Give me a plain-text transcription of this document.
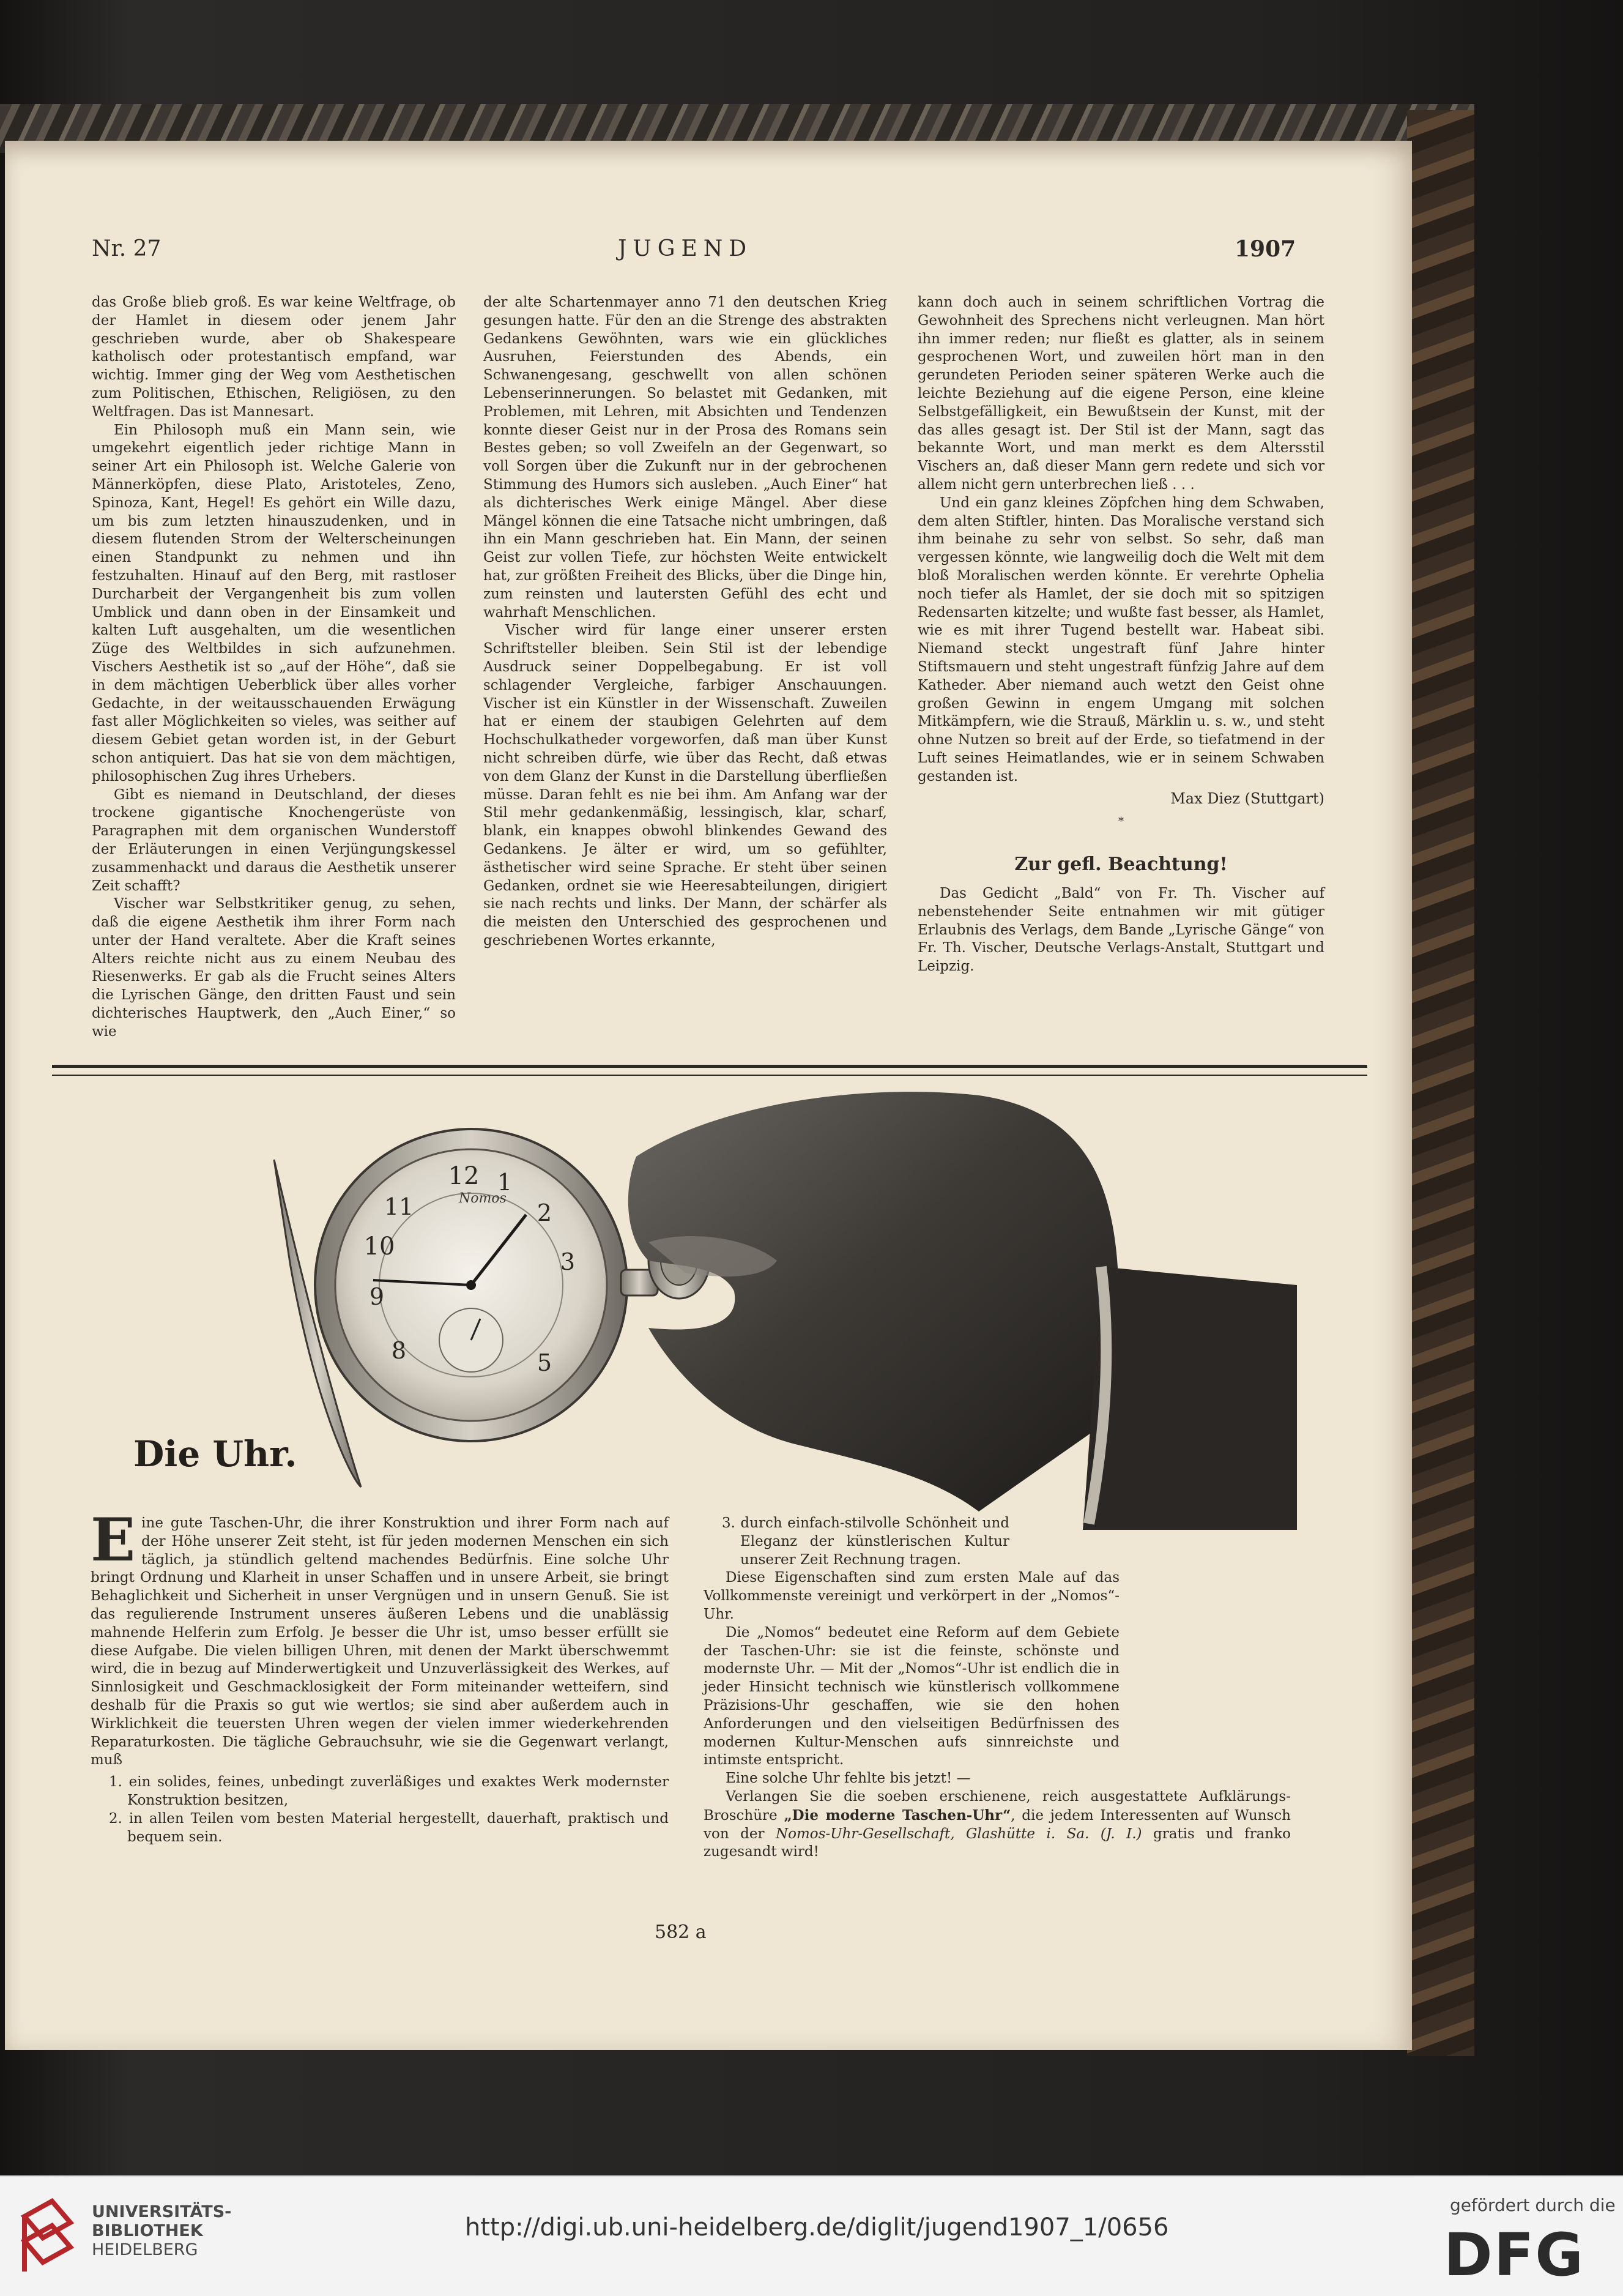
Nr. 27	JUGEND	1907

das Große blieb groß. Es war keine Weltfrage, ob der Hamlet in diesem oder jenem Jahr geschrieben wurde, aber ob Shakespeare katholisch oder protestantisch empfand, war wichtig. Immer ging der Weg vom Aesthetischen zum Politischen, Ethischen, Religiösen, zu den Weltfragen. Das ist Mannesart.

Ein Philosoph muß ein Mann sein, wie umgekehrt eigentlich jeder richtige Mann in seiner Art ein Philosoph ist. Welche Galerie von Männerköpfen, diese Plato, Aristoteles, Zeno, Spinoza, Kant, Hegel! Es gehört ein Wille dazu, um bis zum letzten hinauszudenken, und in diesem flutenden Strom der Welterscheinungen einen Standpunkt zu nehmen und ihn festzuhalten. Hinauf auf den Berg, mit rastloser Durcharbeit der Vergangenheit bis zum vollen Umblick und dann oben in der Einsamkeit und kalten Luft ausgehalten, um die wesentlichen Züge des Weltbildes in sich aufzunehmen. Vischers Aesthetik ist so „auf der Höhe“, daß sie in dem mächtigen Ueberblick über alles vorher Gedachte, in der weitausschauenden Erwägung fast aller Möglichkeiten so vieles, was seither auf diesem Gebiet getan worden ist, in der Geburt schon antiquiert. Das hat sie von dem mächtigen, philosophischen Zug ihres Urhebers.

Gibt es niemand in Deutschland, der dieses trockene gigantische Knochengerüste von Paragraphen mit dem organischen Wunderstoff der Erläuterungen in einen Verjüngungskessel zusammenhackt und daraus die Aesthetik unserer Zeit schafft?

Vischer war Selbstkritiker genug, zu sehen, daß die eigene Aesthetik ihm ihrer Form nach unter der Hand veraltete. Aber die Kraft seines Alters reichte nicht aus zu einem Neubau des Riesenwerks. Er gab als die Frucht seines Alters die Lyrischen Gänge, den dritten Faust und sein dichterisches Hauptwerk, den „Auch Einer,“ so wie

der alte Schartenmayer anno 71 den deutschen Krieg gesungen hatte. Für den an die Strenge des abstrakten Gedankens Gewöhnten, wars wie ein glückliches Ausruhen, Feierstunden des Abends, ein Schwanengesang, geschwellt von allen schönen Lebenserinnerungen. So belastet mit Gedanken, mit Problemen, mit Lehren, mit Absichten und Tendenzen konnte dieser Geist nur in der Prosa des Romans sein Bestes geben; so voll Zweifeln an der Gegenwart, so voll Sorgen über die Zukunft nur in der gebrochenen Stimmung des Humors sich ausleben. „Auch Einer“ hat als dichterisches Werk einige Mängel. Aber diese Mängel können die eine Tatsache nicht umbringen, daß ihn ein Mann geschrieben hat. Ein Mann, der seinen Geist zur vollen Tiefe, zur höchsten Weite entwickelt hat, zur größten Freiheit des Blicks, über die Dinge hin, zum reinsten und lautersten Gefühl des echt und wahrhaft Menschlichen.

Vischer wird für lange einer unserer ersten Schriftsteller bleiben. Sein Stil ist der lebendige Ausdruck seiner Doppelbegabung. Er ist voll schlagender Vergleiche, farbiger Anschauungen. Vischer ist ein Künstler in der Wissenschaft. Zuweilen hat er einem der staubigen Gelehrten auf dem Hochschulkatheder vorgeworfen, daß man über Kunst nicht schreiben dürfe, wie über das Recht, daß etwas von dem Glanz der Kunst in die Darstellung überfließen müsse. Daran fehlt es nie bei ihm. Am Anfang war der Stil mehr gedankenmäßig, lessingisch, klar, scharf, blank, ein knappes obwohl blinkendes Gewand des Gedankens. Je älter er wird, um so gefühlter, ästhetischer wird seine Sprache. Er steht über seinen Gedanken, ordnet sie wie Heeresabteilungen, dirigiert sie nach rechts und links. Der Mann, der schärfer als die meisten den Unterschied des gesprochenen und geschriebenen Wortes erkannte,

kann doch auch in seinem schriftlichen Vortrag die Gewohnheit des Sprechens nicht verleugnen. Man hört ihn immer reden; nur fließt es glatter, als in seinem gesprochenen Wort, und zuweilen hört man in den gerundeten Perioden seiner späteren Werke auch die leichte Beziehung auf die eigene Person, eine kleine Selbstgefälligkeit, ein Bewußtsein der Kunst, mit der das alles gesagt ist. Der Stil ist der Mann, sagt das bekannte Wort, und man merkt es dem Altersstil Vischers an, daß dieser Mann gern redete und sich vor allem nicht gern unterbrechen ließ . . .

Und ein ganz kleines Zöpfchen hing dem Schwaben, dem alten Stiftler, hinten. Das Moralische verstand sich ihm beinahe zu sehr von selbst. So sehr, daß man vergessen könnte, wie langweilig doch die Welt mit dem bloß Moralischen werden könnte. Er verehrte Ophelia noch tiefer als Hamlet, der sie doch mit so spitzigen Redensarten kitzelte; und wußte fast besser, als Hamlet, wie es mit ihrer Tugend bestellt war. Habeat sibi. Niemand steckt ungestraft fünf Jahre hinter Stiftsmauern und steht ungestraft fünfzig Jahre auf dem Katheder. Aber niemand auch wetzt den Geist ohne großen Gewinn in engem Umgang mit solchen Mitkämpfern, wie die Strauß, Märklin u. s. w., und steht ohne Nutzen so breit auf der Erde, so tiefatmend in der Luft seines Heimatlandes, wie er in seinem Schwaben gestanden ist.

Max Diez (Stuttgart)
*
Zur gefl. Beachtung!

Das Gedicht „Bald“ von Fr. Th. Vischer auf nebenstehender Seite entnahmen wir mit gütiger Erlaubnis des Verlags, dem Bande „Lyrische Gänge“ von Fr. Th. Vischer, Deutsche Verlags-Anstalt, Stuttgart und Leipzig.

12 1
2
3
5
10
11
9
8
Nomos
Die Uhr.
E ine gute Taschen-Uhr, die ihrer Konstruktion und ihrer Form nach auf der Höhe unserer Zeit steht, ist für jeden modernen Menschen ein sich täglich, ja stündlich geltend machendes Bedürfnis. Eine solche Uhr bringt Ordnung und Klarheit in unser Schaffen und in unsere Arbeit, sie bringt Behaglichkeit und Sicherheit in unser Vergnügen und in unsern Genuß. Sie ist das regulierende Instrument unseres äußeren Lebens und die unablässig mahnende Helferin zum Erfolg. Je besser die Uhr ist, umso besser erfüllt sie diese Aufgabe. Die vielen billigen Uhren, mit denen der Markt überschwemmt wird, die in bezug auf Minderwertigkeit und Unzuverlässigkeit des Werkes, auf Sinnlosigkeit und Geschmacklosigkeit der Form miteinander wetteifern, sind deshalb für die Praxis so gut wie wertlos; sie sind aber außerdem auch in Wirklichkeit die teuersten Uhren wegen der vielen immer wiederkehrenden Reparaturkosten. Die tägliche Gebrauchsuhr, wie sie die Gegenwart verlangt, muß

1. ein solides, feines, unbedingt zuverläßiges und exaktes Werk modernster Konstruktion besitzen,

2. in allen Teilen vom besten Material hergestellt, dauerhaft, praktisch und bequem sein.

3. durch einfach-stilvolle Schönheit und Eleganz der künstlerischen Kultur unserer Zeit Rechnung tragen.

Diese Eigenschaften sind zum ersten Male auf das Vollkommenste vereinigt und verkörpert in der „Nomos“-Uhr.

Die „Nomos“ bedeutet eine Reform auf dem Gebiete der Taschen-Uhr: sie ist die feinste, schönste und modernste Uhr. — Mit der „Nomos“-Uhr ist endlich die in jeder Hinsicht technisch wie künstlerisch vollkommene Präzisions-Uhr geschaffen, wie sie den hohen Anforderungen und den vielseitigen Bedürfnissen des modernen Kultur-Menschen aufs sinnreichste und intimste entspricht.

Eine solche Uhr fehlte bis jetzt! —

Verlangen Sie die soeben erschienene, reich ausgestattete Aufklärungs-Broschüre „Die moderne Taschen-Uhr“, die jedem Interessenten auf Wunsch von der Nomos-Uhr-Gesellschaft, Glashütte i. Sa. (J. I.) gratis und franko zugesandt wird!

582 a
UNIVERSITÄTS-
BIBLIOTHEK
HEIDELBERG
http://digi.ub.uni-heidelberg.de/diglit/jugend1907_1/0656
gefördert durch die
DFG
